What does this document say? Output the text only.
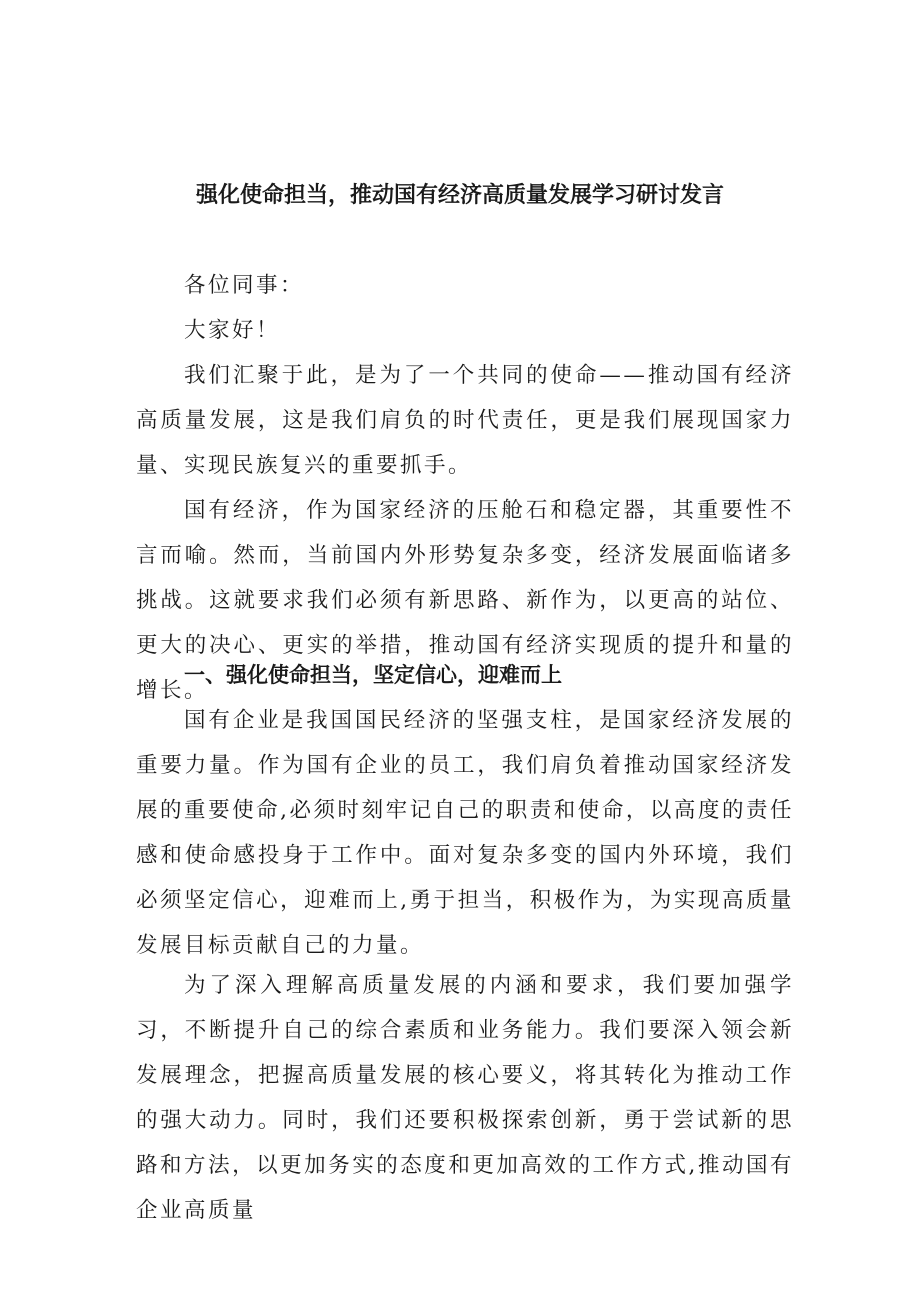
强化使命担当，推动国有经济高质量发展学习研讨发言

各位同事：

大家好！

我们汇聚于此，是为了一个共同的使命——推动国有经济高质量发展，这是我们肩负的时代责任，更是我们展现国家力量、实现民族复兴的重要抓手。

国有经济，作为国家经济的压舱石和稳定器，其重要性不言而喻。然而，当前国内外形势复杂多变，经济发展面临诸多挑战。这就要求我们必须有新思路、新作为，以更高的站位、更大的决心、更实的举措，推动国有经济实现质的提升和量的增长。

一、强化使命担当，坚定信心，迎难而上

国有企业是我国国民经济的坚强支柱，是国家经济发展的重要力量。作为国有企业的员工，我们肩负着推动国家经济发展的重要使命,必须时刻牢记自己的职责和使命，以高度的责任感和使命感投身于工作中。面对复杂多变的国内外环境，我们必须坚定信心，迎难而上,勇于担当，积极作为，为实现高质量发展目标贡献自己的力量。

为了深入理解高质量发展的内涵和要求，我们要加强学习，不断提升自己的综合素质和业务能力。我们要深入领会新发展理念，把握高质量发展的核心要义，将其转化为推动工作的强大动力。同时，我们还要积极探索创新，勇于尝试新的思路和方法，以更加务实的态度和更加高效的工作方式,推动国有企业高质量
